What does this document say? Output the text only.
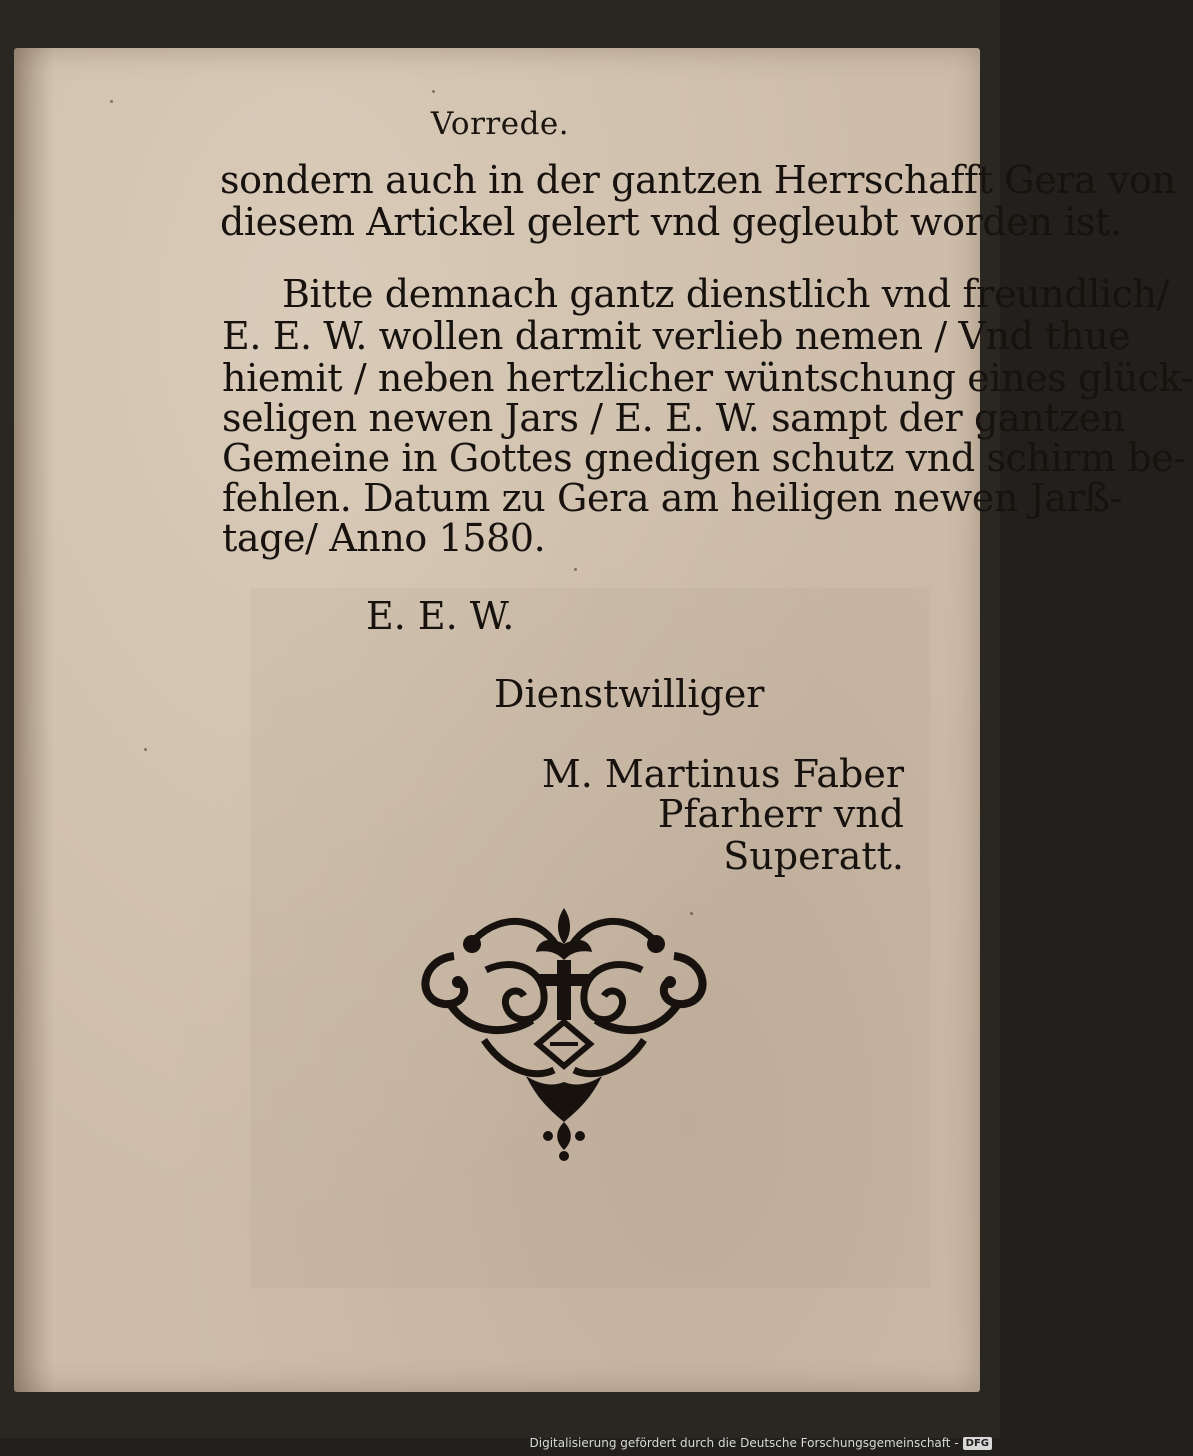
Vorrede.
sondern auch in der gantzen Herrschafft Gera von
diesem Artickel gelert vnd gegleubt worden ist.
Bitte demnach gantz dienstlich vnd freundlich/
E. E. W. wollen darmit verlieb nemen / Vnd thue
hiemit / neben hertzlicher wüntschung eines glück-
seligen newen Jars / E. E. W. sampt der gantzen
Gemeine in Gottes gnedigen schutz vnd schirm be-
fehlen. Datum zu Gera am heiligen newen Jarß-
tage/ Anno 1580.
E. E. W.
Dienstwilliger
M. Martinus Faber
Pfarherr vnd
Superatt.
Digitalisierung gefördert durch die Deutsche Forschungsgemeinschaft - DFG
